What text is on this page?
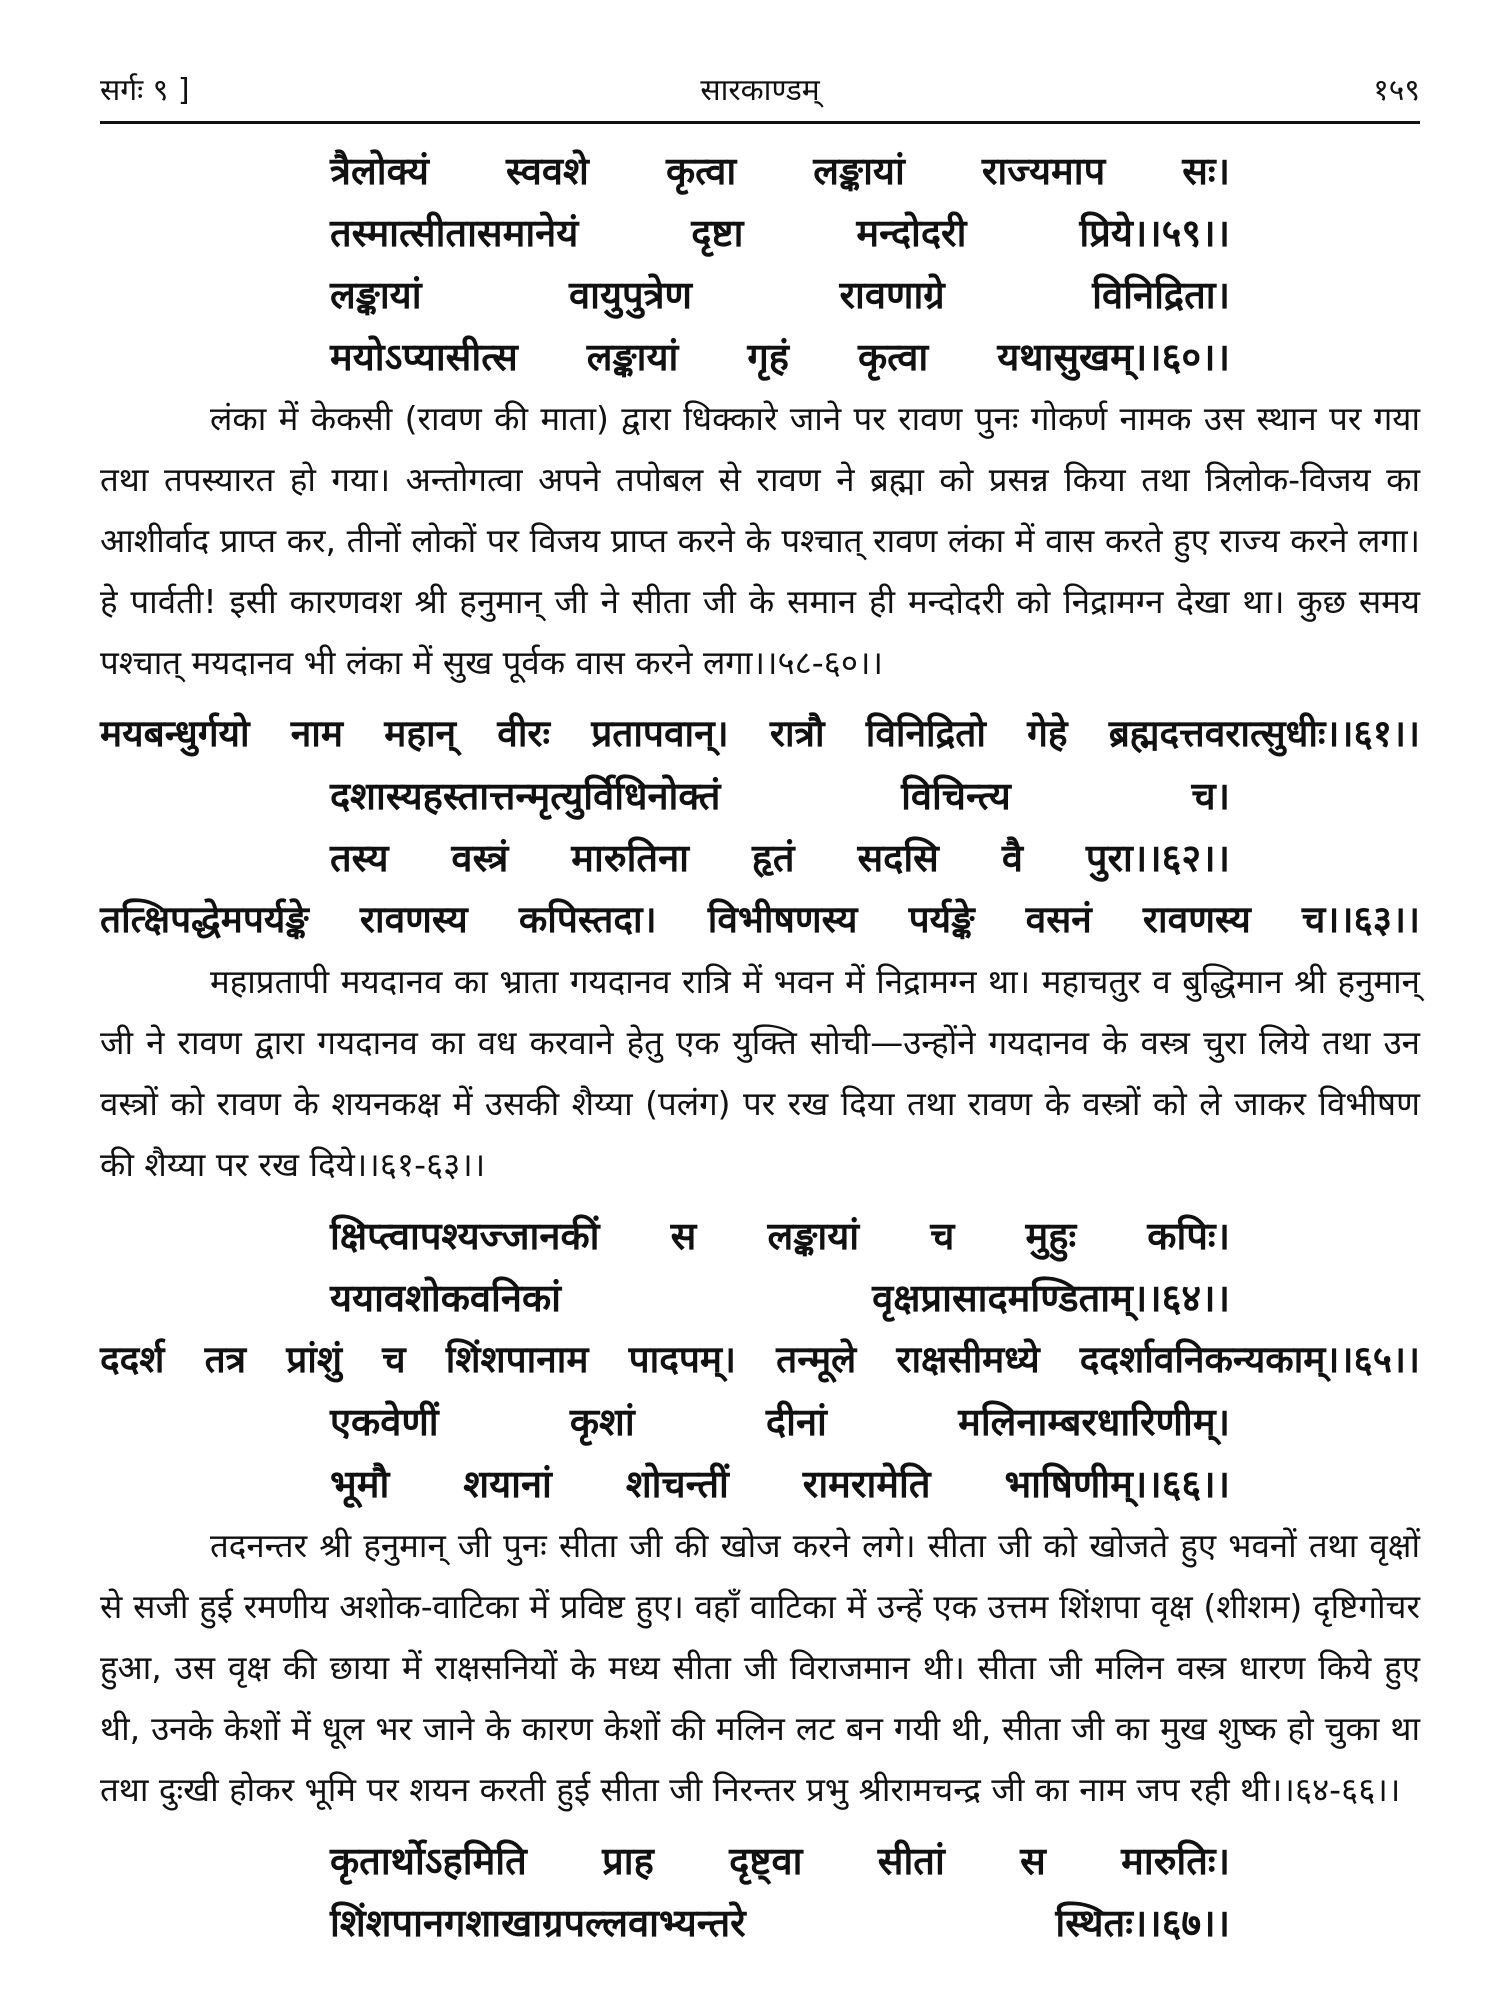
सर्गः ९ ]	सारकाण्डम्	१५९

त्रैलोक्यं स्ववशे कृत्वा लङ्कायां राज्यमाप सः।

तस्मात्सीतासमानेयं दृष्टा मन्दोदरी प्रिये।।५९।।

लङ्कायां वायुपुत्रेण रावणाग्रे विनिद्रिता।

मयोऽप्यासीत्स लङ्कायां गृहं कृत्वा यथासुखम्।।६०।।

लंका में केकसी (रावण की माता) द्वारा धिक्कारे जाने पर रावण पुनः गोकर्ण नामक उस स्थान पर गया तथा तपस्यारत हो गया। अन्तोगत्वा अपने तपोबल से रावण ने ब्रह्मा को प्रसन्न किया तथा त्रिलोक-विजय का आशीर्वाद प्राप्त कर, तीनों लोकों पर विजय प्राप्त करने के पश्चात् रावण लंका में वास करते हुए राज्य करने लगा। हे पार्वती! इसी कारणवश श्री हनुमान् जी ने सीता जी के समान ही मन्दोदरी को निद्रामग्न देखा था। कुछ समय पश्चात् मयदानव भी लंका में सुख पूर्वक वास करने लगा।।५८-६०।।

मयबन्धुर्गयो नाम महान् वीरः प्रतापवान्। रात्रौ विनिद्रितो गेहे ब्रह्मदत्तवरात्सुधीः।।६१।।

दशास्यहस्तात्तन्मृत्युर्विधिनोक्तं विचिन्त्य च।

तस्य वस्त्रं मारुतिना हृतं सदसि वै पुरा।।६२।।

तत्क्षिपद्धेमपर्यङ्के रावणस्य कपिस्तदा। विभीषणस्य पर्यङ्के वसनं रावणस्य च।।६३।।

महाप्रतापी मयदानव का भ्राता गयदानव रात्रि में भवन में निद्रामग्न था। महाचतुर व बुद्धिमान श्री हनुमान् जी ने रावण द्वारा गयदानव का वध करवाने हेतु एक युक्ति सोची—उन्होंने गयदानव के वस्त्र चुरा लिये तथा उन वस्त्रों को रावण के शयनकक्ष में उसकी शैय्या (पलंग) पर रख दिया तथा रावण के वस्त्रों को ले जाकर विभीषण की शैय्या पर रख दिये।।६१-६३।।

क्षिप्त्वापश्यज्जानकीं स लङ्कायां च मुहुः कपिः।

ययावशोकवनिकां वृक्षप्रासादमण्डिताम्।।६४।।

ददर्श तत्र प्रांशुं च शिंशपानाम पादपम्। तन्मूले राक्षसीमध्ये ददर्शावनिकन्यकाम्।।६५।।

एकवेणीं कृशां दीनां मलिनाम्बरधारिणीम्।

भूमौ शयानां शोचन्तीं रामरामेति भाषिणीम्।।६६।।

तदनन्तर श्री हनुमान् जी पुनः सीता जी की खोज करने लगे। सीता जी को खोजते हुए भवनों तथा वृक्षों से सजी हुई रमणीय अशोक-वाटिका में प्रविष्ट हुए। वहाँ वाटिका में उन्हें एक उत्तम शिंशपा वृक्ष (शीशम) दृष्टिगोचर हुआ, उस वृक्ष की छाया में राक्षसनियों के मध्य सीता जी विराजमान थी। सीता जी मलिन वस्त्र धारण किये हुए थी, उनके केशों में धूल भर जाने के कारण केशों की मलिन लट बन गयी थी, सीता जी का मुख शुष्क हो चुका था तथा दुःखी होकर भूमि पर शयन करती हुई सीता जी निरन्तर प्रभु श्रीरामचन्द्र जी का नाम जप रही थी।।६४-६६।।

कृतार्थोऽहमिति प्राह दृष्ट्वा सीतां स मारुतिः।

शिंशपानगशाखाग्रपल्लवाभ्यन्तरे स्थितः।।६७।।
